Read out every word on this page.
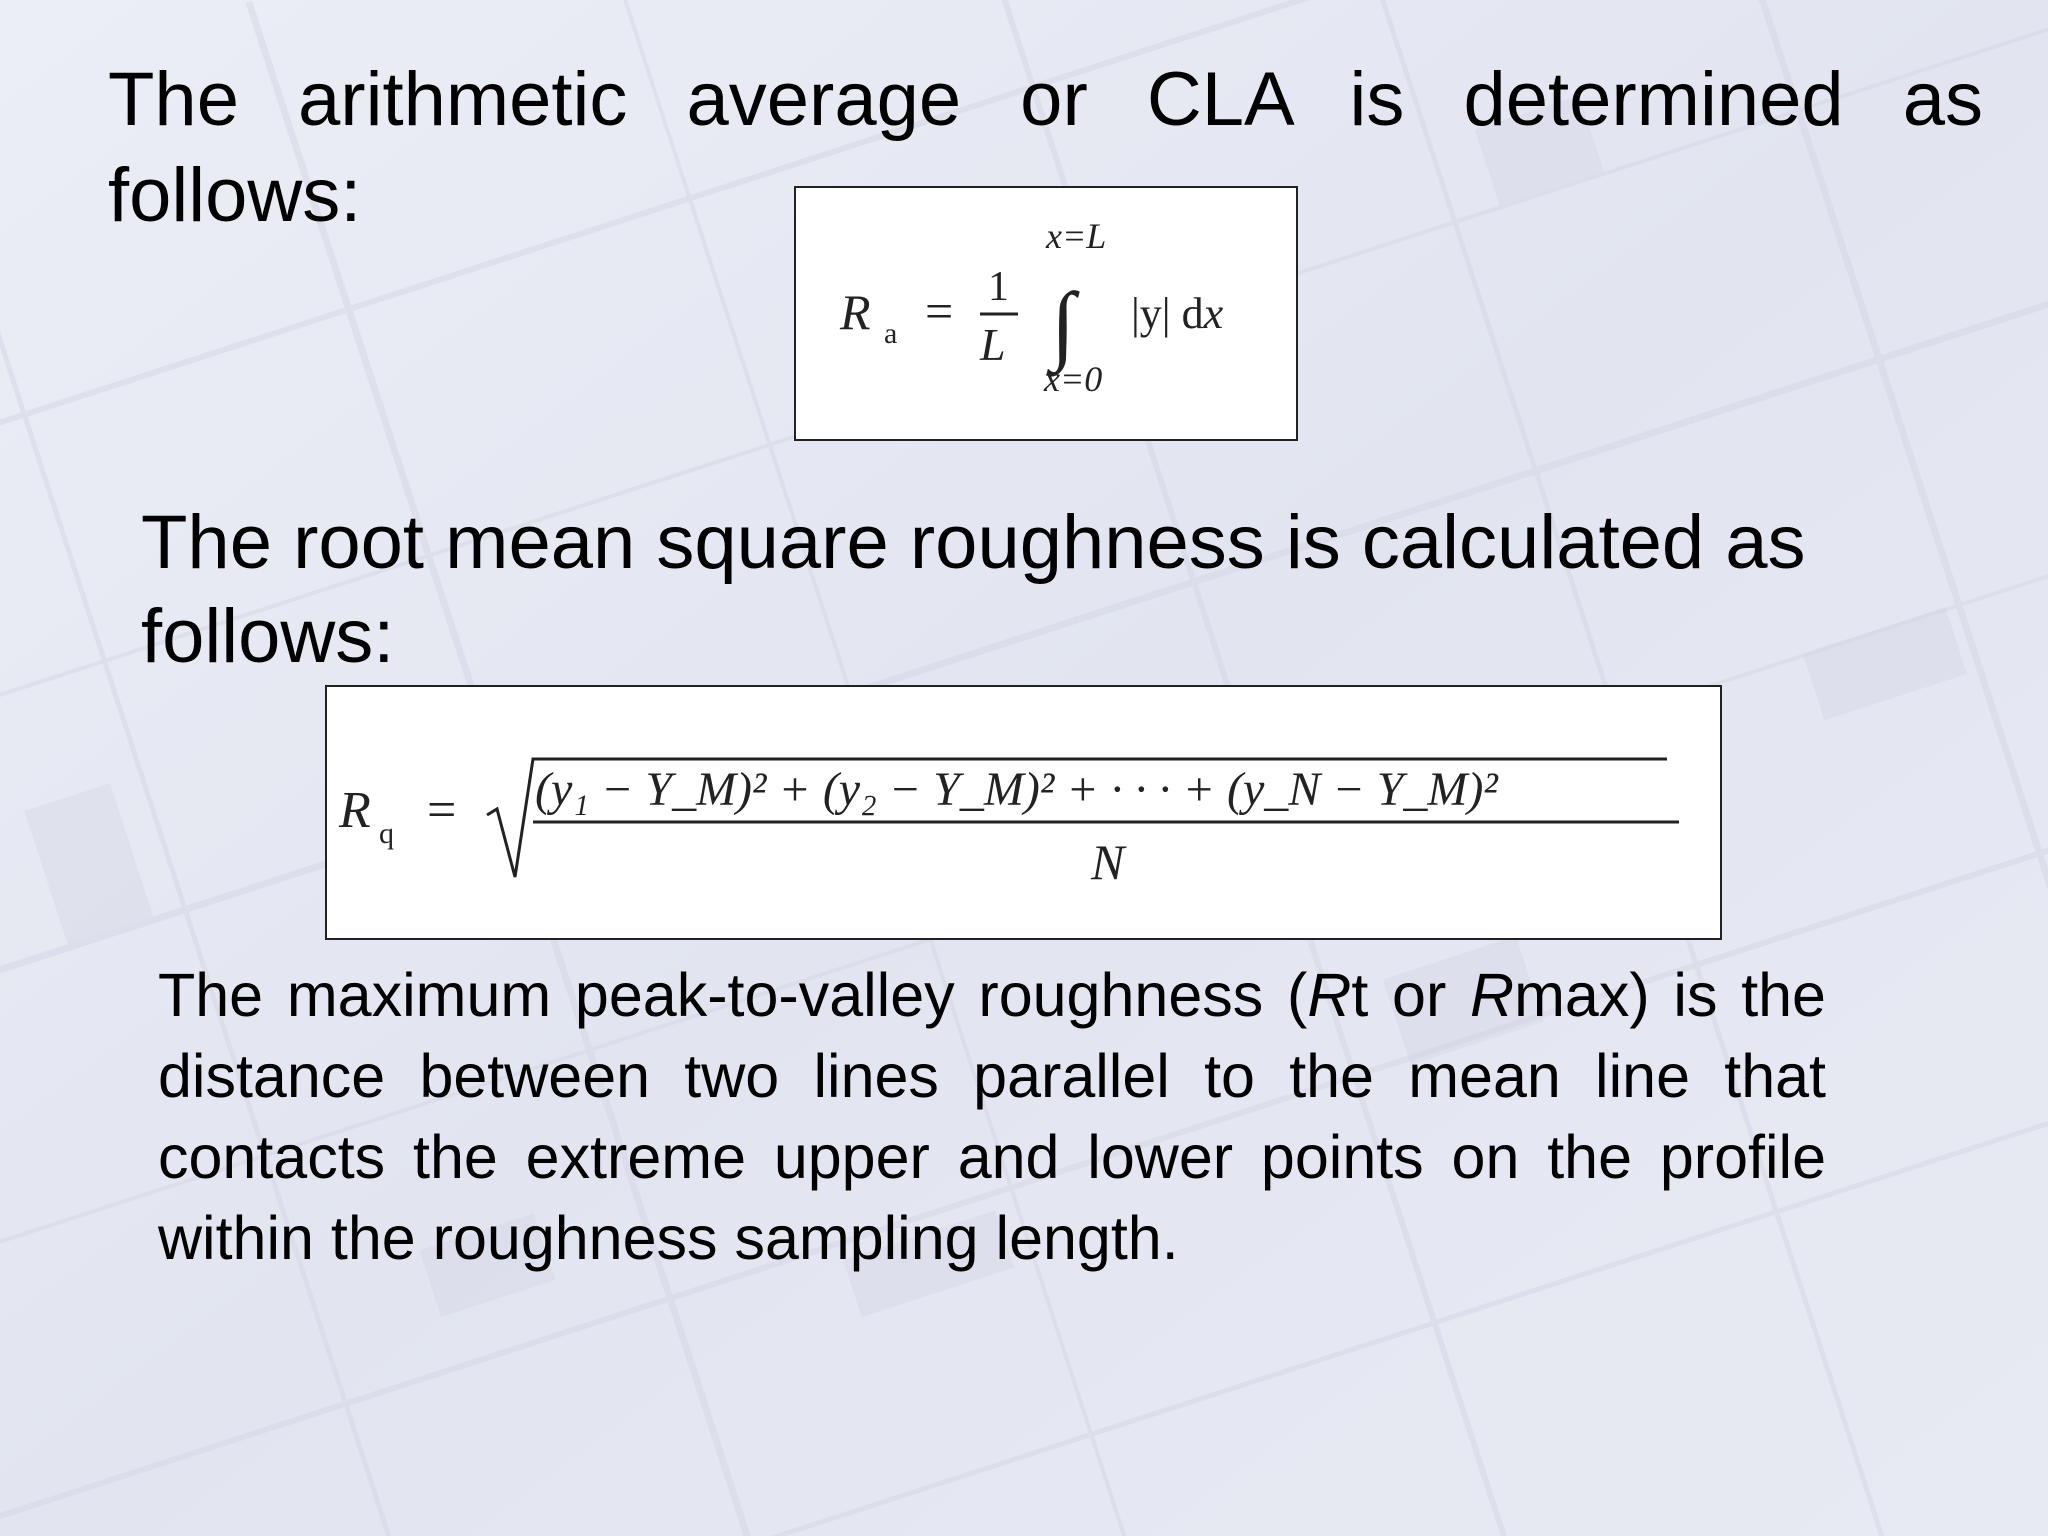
The arithmetic average or CLA is determined as follows:

R a = 1
L
x=L
∫
x=0
|y| dx

The root mean square roughness is calculated as follows:

R q = (y₁ − Y_M)² + (y₂ − Y_M)² + · · · + (y_N − Y_M)²
N

The maximum peak-to-valley roughness (Rt or Rmax) is the distance between two lines parallel to the mean line that contacts the extreme upper and lower points on the profile within the roughness sampling length.
